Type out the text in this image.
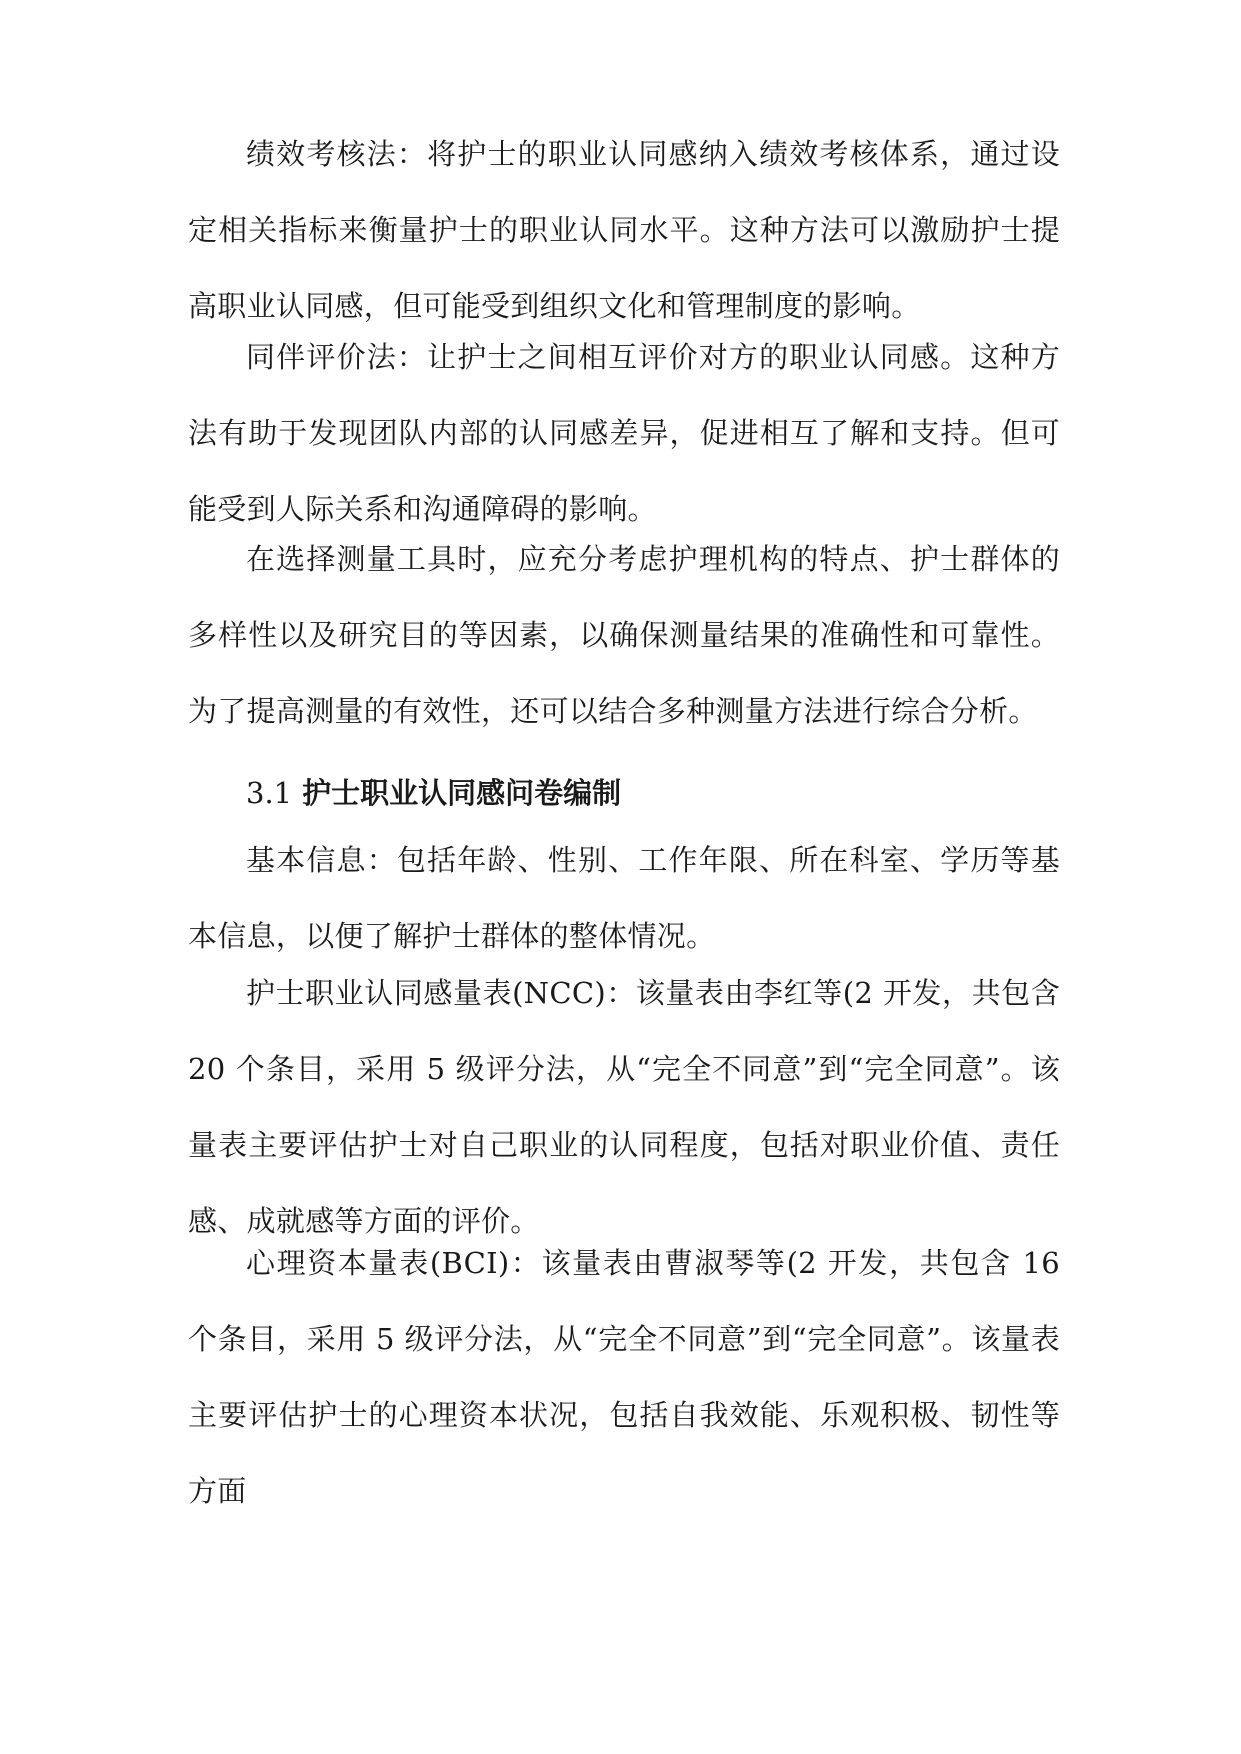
绩效考核法：将护士的职业认同感纳入绩效考核体系，通过设定相关指标来衡量护士的职业认同水平。这种方法可以激励护士提高职业认同感，但可能受到组织文化和管理制度的影响。

同伴评价法：让护士之间相互评价对方的职业认同感。这种方法有助于发现团队内部的认同感差异，促进相互了解和支持。但可能受到人际关系和沟通障碍的影响。

在选择测量工具时，应充分考虑护理机构的特点、护士群体的多样性以及研究目的等因素，以确保测量结果的准确性和可靠性。为了提高测量的有效性，还可以结合多种测量方法进行综合分析。

3.1 护士职业认同感问卷编制

基本信息：包括年龄、性别、工作年限、所在科室、学历等基本信息，以便了解护士群体的整体情况。

护士职业认同感量表(NCC)：该量表由李红等(2 开发，共包含 20 个条目，采用 5 级评分法，从“完全不同意”到“完全同意”。该量表主要评估护士对自己职业的认同程度，包括对职业价值、责任感、成就感等方面的评价。

心理资本量表(BCI)：该量表由曹淑琴等(2 开发，共包含 16 个条目，采用 5 级评分法，从“完全不同意”到“完全同意”。该量表主要评估护士的心理资本状况，包括自我效能、乐观积极、韧性等方面
